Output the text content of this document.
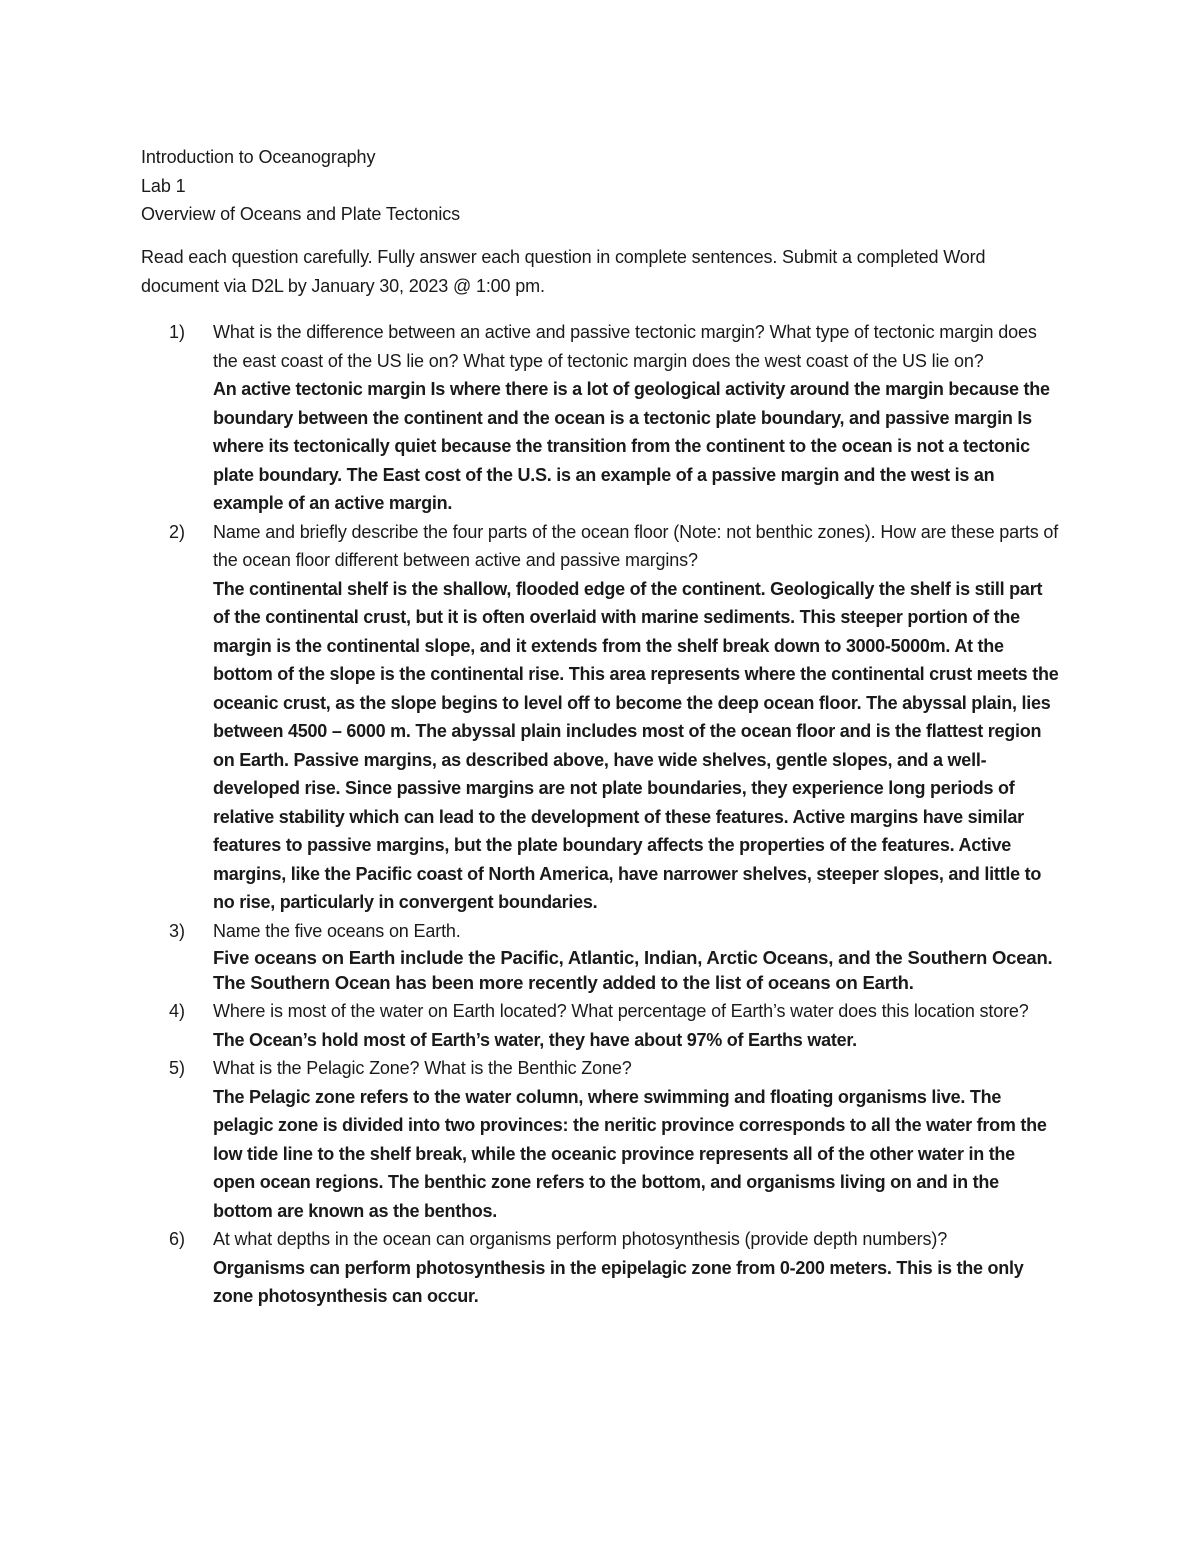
Introduction to Oceanography
Lab 1
Overview of Oceans and Plate Tectonics
Read each question carefully. Fully answer each question in complete sentences. Submit a completed Word document via D2L by January 30, 2023 @ 1:00 pm.
1) What is the difference between an active and passive tectonic margin? What type of tectonic margin does the east coast of the US lie on? What type of tectonic margin does the west coast of the US lie on?
An active tectonic margin Is where there is a lot of geological activity around the margin because the boundary between the continent and the ocean is a tectonic plate boundary, and passive margin Is where its tectonically quiet because the transition from the continent to the ocean is not a tectonic plate boundary. The East cost of the U.S. is an example of a passive margin and the west is an example of an active margin.
2) Name and briefly describe the four parts of the ocean floor (Note: not benthic zones). How are these parts of the ocean floor different between active and passive margins?
The continental shelf is the shallow, flooded edge of the continent. Geologically the shelf is still part of the continental crust, but it is often overlaid with marine sediments. This steeper portion of the margin is the continental slope, and it extends from the shelf break down to 3000-5000m. At the bottom of the slope is the continental rise. This area represents where the continental crust meets the oceanic crust, as the slope begins to level off to become the deep ocean floor. The abyssal plain, lies between 4500 – 6000 m. The abyssal plain includes most of the ocean floor and is the flattest region on Earth. Passive margins, as described above, have wide shelves, gentle slopes, and a well-developed rise. Since passive margins are not plate boundaries, they experience long periods of relative stability which can lead to the development of these features. Active margins have similar features to passive margins, but the plate boundary affects the properties of the features. Active margins, like the Pacific coast of North America, have narrower shelves, steeper slopes, and little to no rise, particularly in convergent boundaries.
3) Name the five oceans on Earth.
Five oceans on Earth include the Pacific, Atlantic, Indian, Arctic Oceans, and the Southern Ocean. The Southern Ocean has been more recently added to the list of oceans on Earth.
4) Where is most of the water on Earth located? What percentage of Earth’s water does this location store?
The Ocean’s hold most of Earth’s water, they have about 97% of Earths water.
5) What is the Pelagic Zone? What is the Benthic Zone?
The Pelagic zone refers to the water column, where swimming and floating organisms live. The pelagic zone is divided into two provinces: the neritic province corresponds to all the water from the low tide line to the shelf break, while the oceanic province represents all of the other water in the open ocean regions. The benthic zone refers to the bottom, and organisms living on and in the bottom are known as the benthos.
6) At what depths in the ocean can organisms perform photosynthesis (provide depth numbers)?
Organisms can perform photosynthesis in the epipelagic zone from 0-200 meters. This is the only zone photosynthesis can occur.
